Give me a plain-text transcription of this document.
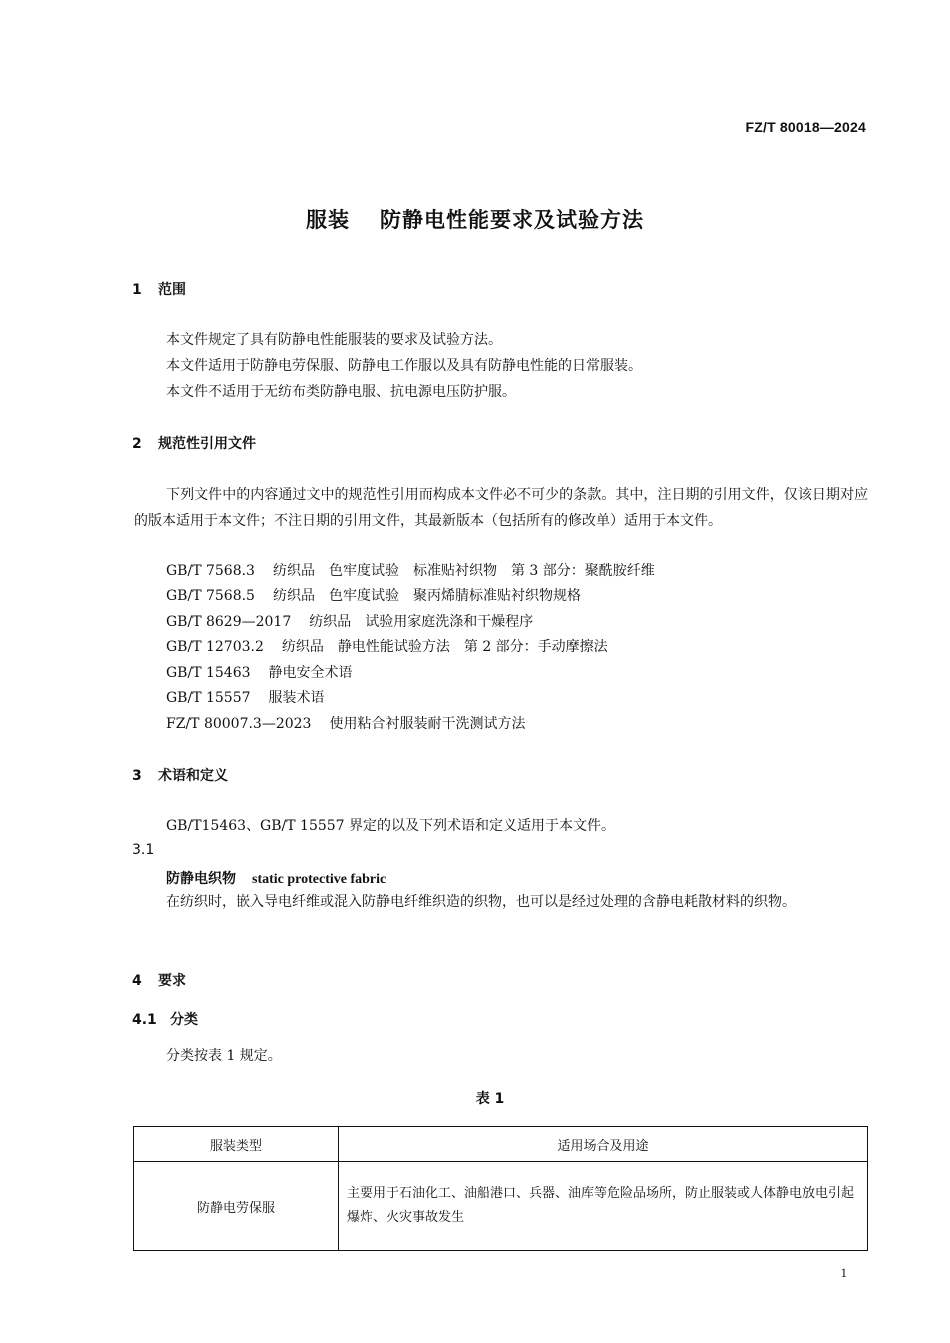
FZ/T 80018—2024
服装 防静电性能要求及试验方法
1 范围
本文件规定了具有防静电性能服装的要求及试验方法。
本文件适用于防静电劳保服、防静电工作服以及具有防静电性能的日常服装。
本文件不适用于无纺布类防静电服、抗电源电压防护服。
2 规范性引用文件
下列文件中的内容通过文中的规范性引用而构成本文件必不可少的条款。其中，注日期的引用文件，仅该日期对应的版本适用于本文件；不注日期的引用文件，其最新版本（包括所有的修改单）适用于本文件。
GB/T 7568.3 纺织品　色牢度试验　标准贴衬织物　第 3 部分：聚酰胺纤维
GB/T 7568.5 纺织品　色牢度试验　聚丙烯腈标准贴衬织物规格
GB/T 8629—2017 纺织品　试验用家庭洗涤和干燥程序
GB/T 12703.2 纺织品　静电性能试验方法　第 2 部分：手动摩擦法
GB/T 15463 静电安全术语
GB/T 15557 服装术语
FZ/T 80007.3—2023 使用粘合衬服装耐干洗测试方法
3 术语和定义
GB/T15463、GB/T 15557 界定的以及下列术语和定义适用于本文件。
3.1
防静电织物 static protective fabric
在纺织时，嵌入导电纤维或混入防静电纤维织造的织物，也可以是经过处理的含静电耗散材料的织物。
4 要求
4.1 分类
分类按表 1 规定。
表 1
服装类型	适用场合及用途
防静电劳保服	主要用于石油化工、油船港口、兵器、油库等危险品场所，防止服装或人体静电放电引起爆炸、火灾事故发生
1
